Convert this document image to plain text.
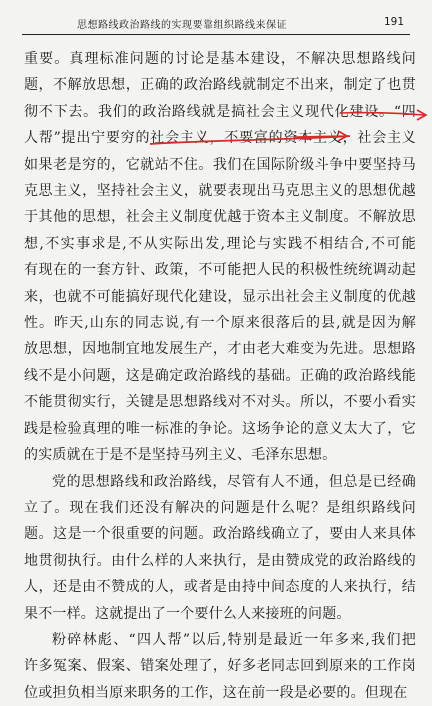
思想路线政治路线的实现要靠组织路线来保证	191

重要。真理标准问题的讨论是基本建设，不解决思想路线问

题，不解放思想，正确的政治路线就制定不出来，制定了也贯

彻不下去。我们的政治路线就是搞社会主义现代化建设。“四

人帮”提出宁要穷的社会主义，不要富的资本主义，社会主义

如果老是穷的，它就站不住。我们在国际阶级斗争中要坚持马

克思主义，坚持社会主义，就要表现出马克思主义的思想优越

于其他的思想，社会主义制度优越于资本主义制度。不解放思

想,不实事求是,不从实际出发,理论与实践不相结合,不可能

有现在的一套方针、政策，不可能把人民的积极性统统调动起

来，也就不可能搞好现代化建设，显示出社会主义制度的优越

性。昨天,山东的同志说,有一个原来很落后的县,就是因为解

放思想，因地制宜地发展生产，才由老大难变为先进。思想路

线不是小问题，这是确定政治路线的基础。正确的政治路线能

不能贯彻实行，关键是思想路线对不对头。所以，不要小看实

践是检验真理的唯一标准的争论。这场争论的意义太大了，它

的实质就在于是不是坚持马列主义、毛泽东思想。

党的思想路线和政治路线，尽管有人不通，但总是已经确

立了。现在我们还没有解决的问题是什么呢？是组织路线问

题。这是一个很重要的问题。政治路线确立了，要由人来具体

地贯彻执行。由什么样的人来执行，是由赞成党的政治路线的

人，还是由不赞成的人，或者是由持中间态度的人来执行，结

果不一样。这就提出了一个要什么人来接班的问题。

粉碎林彪、“四人帮”以后,特别是最近一年多来,我们把

许多冤案、假案、错案处理了，好多老同志回到原来的工作岗

位或担负相当原来职务的工作，这在前一段是必要的。但现在
